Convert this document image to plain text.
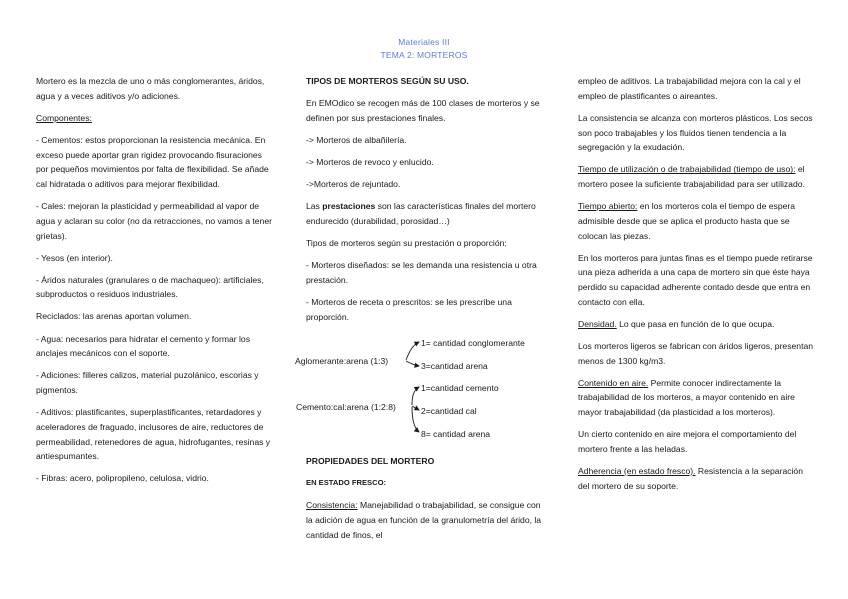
Materiales III
TEMA 2: MORTEROS

Mortero es la mezcla de uno o más conglomerantes, áridos, agua y a veces aditivos y/o adiciones.

Componentes:

- Cementos: estos proporcionan la resistencia mecánica. En exceso puede aportar gran rigidez provocando fisuraciones por pequeños movimientos por falta de flexibilidad. Se añade cal hidratada o aditivos para mejorar flexibilidad.

- Cales: mejoran la plasticidad y permeabilidad al vapor de agua y aclaran su color (no da retracciones, no vamos a tener grietas).

- Yesos (en interior).

- Áridos naturales (granulares o de machaqueo): artificiales, subproductos o residuos industriales.

Reciclados: las arenas aportan volumen.

- Agua: necesarios para hidratar el cemento y formar los anclajes mecánicos con el soporte.

- Adiciones: filleres calizos, material puzolánico, escorias y pigmentos.

- Aditivos: plastificantes, superplastificantes, retardadores y aceleradores de fraguado, inclusores de aire, reductores de permeabilidad, retenedores de agua, hidrofugantes, resinas y antiespumantes.

- Fibras: acero, polipropileno, celulosa, vidrio.

TIPOS DE MORTEROS SEGÚN SU USO.

En EMOdico se recogen más de 100 clases de morteros y se definen por sus prestaciones finales.

-> Morteros de albañilería.

-> Morteros de revoco y enlucido.

->Morteros de rejuntado.

Las prestaciones son las características finales del mortero endurecido (durabilidad, porosidad…)

Tipos de morteros según su prestación o proporción:

- Morteros diseñados: se les demanda una resistencia u otra prestación.

- Morteros de receta o prescritos: se les prescribe una proporción.

Aglomerante:arena (1:3)
1= cantidad conglomerante
3=cantidad arena
Cemento:cal:arena (1:2:8)
1=cantidad cemento
2=cantidad cal
8= cantidad arena

PROPIEDADES DEL MORTERO

EN ESTADO FRESCO:

Consistencia: Manejabilidad o trabajabilidad, se consigue con la adición de agua en función de la granulometría del árido, la cantidad de finos, el

empleo de aditivos. La trabajabilidad mejora con la cal y el empleo de plastificantes o aireantes.

La consistencia se alcanza con morteros plásticos. Los secos son poco trabajables y los fluidos tienen tendencia a la segregación y la exudación.

Tiempo de utilización o de trabajabilidad (tiempo de uso): el mortero posee la suficiente trabajabilidad para ser utilizado.

Tiempo abierto: en los morteros cola el tiempo de espera admisible desde que se aplica el producto hasta que se colocan las piezas.

En los morteros para juntas finas es el tiempo puede retirarse una pieza adherida a una capa de mortero sin que éste haya perdido su capacidad adherente contado desde que entra en contacto con ella.

Densidad. Lo que pasa en función de lo que ocupa.

Los morteros ligeros se fabrican con áridos ligeros, presentan menos de 1300 kg/m3.

Contenido en aire. Permite conocer indirectamente la trabajabilidad de los morteros, a mayor contenido en aire mayor trabajabilidad (da plasticidad a los morteros).

Un cierto contenido en aire mejora el comportamiento del mortero frente a las heladas.

Adherencia (en estado fresco). Resistencia a la separación del mortero de su soporte.
